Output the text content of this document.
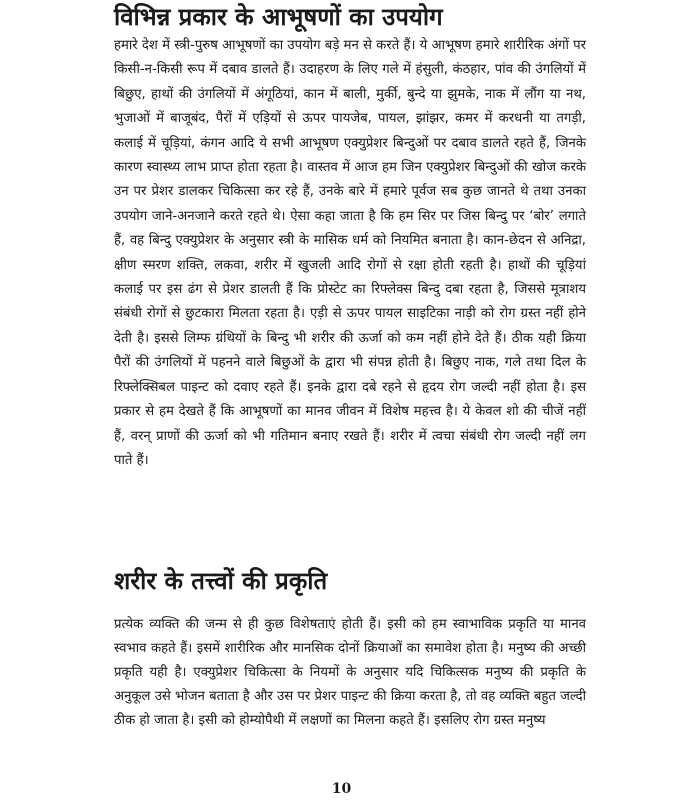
विभिन्न प्रकार के आभूषणों का उपयोग

हमारे देश में स्त्री-पुरुष आभूषणों का उपयोग बड़े मन से करते हैं। ये आभूषण हमारे शारीरिक अंगों पर किसी-न-किसी रूप में दबाव डालते हैं। उदाहरण के लिए गले में हंसुली, कंठहार, पांव की उंगलियों में बिछुए, हाथों की उंगलियों में अंगूठियां, कान में बाली, मुर्की, बुन्दे या झुमके, नाक में लौंग या नथ, भुजाओं में बाजूबंद, पैरों में एड़ियों से ऊपर पायजेब, पायल, झांझर, कमर में करधनी या तगड़ी, कलाई में चूड़ियां, कंगन आदि ये सभी आभूषण एक्युप्रेशर बिन्दुओं पर दबाव डालते रहते हैं, जिनके कारण स्वास्थ्य लाभ प्राप्त होता रहता है। वास्तव में आज हम जिन एक्युप्रेशर बिन्दुओं की खोज करके उन पर प्रेशर डालकर चिकित्सा कर रहे हैं, उनके बारे में हमारे पूर्वज सब कुछ जानते थे तथा उनका उपयोग जाने-अनजाने करते रहते थे। ऐसा कहा जाता है कि हम सिर पर जिस बिन्दु पर ‘बोर’ लगाते हैं, वह बिन्दु एक्युप्रेशर के अनुसार स्त्री के मासिक धर्म को नियमित बनाता है। कान-छेदन से अनिद्रा, क्षीण स्मरण शक्ति, लकवा, शरीर में खुजली आदि रोगों से रक्षा होती रहती है। हाथों की चूड़ियां कलाई पर इस ढंग से प्रेशर डालती हैं कि प्रोस्टेट का रिफ्लेक्स बिन्दु दबा रहता है, जिससे मूत्राशय संबंधी रोगों से छुटकारा मिलता रहता है। एड़ी से ऊपर पायल साइटिका नाड़ी को रोग ग्रस्त नहीं होने देती है। इससे लिम्फ ग्रंथियों के बिन्दु भी शरीर की ऊर्जा को कम नहीं होने देते हैं। ठीक यही क्रिया पैरों की उंगलियों में पहनने वाले बिछुओं के द्वारा भी संपन्न होती है। बिछुए नाक, गले तथा दिल के रिफ्लेक्सिबल पाइन्ट को दवाए रहते हैं। इनके द्वारा दबे रहने से हृदय रोग जल्दी नहीं होता है। इस प्रकार से हम देखते हैं कि आभूषणों का मानव जीवन में विशेष महत्त्व है। ये केवल शो की चीजें नहीं हैं, वरन् प्राणों की ऊर्जा को भी गतिमान बनाए रखते हैं। शरीर में त्वचा संबंधी रोग जल्दी नहीं लग पाते हैं।

शरीर के तत्त्वों की प्रकृति

प्रत्येक व्यक्ति की जन्म से ही कुछ विशेषताएं होती हैं। इसी को हम स्वाभाविक प्रकृति या मानव स्वभाव कहते हैं। इसमें शारीरिक और मानसिक दोनों क्रियाओं का समावेश होता है। मनुष्य की अच्छी प्रकृति यही है। एक्युप्रेशर चिकित्सा के नियमों के अनुसार यदि चिकित्सक मनुष्य की प्रकृति के अनुकूल उसे भोजन बताता है और उस पर प्रेशर पाइन्ट की क्रिया करता है, तो वह व्यक्ति बहुत जल्दी ठीक हो जाता है। इसी को होम्योपैथी में लक्षणों का मिलना कहते हैं। इसलिए रोग ग्रस्त मनुष्य

10
